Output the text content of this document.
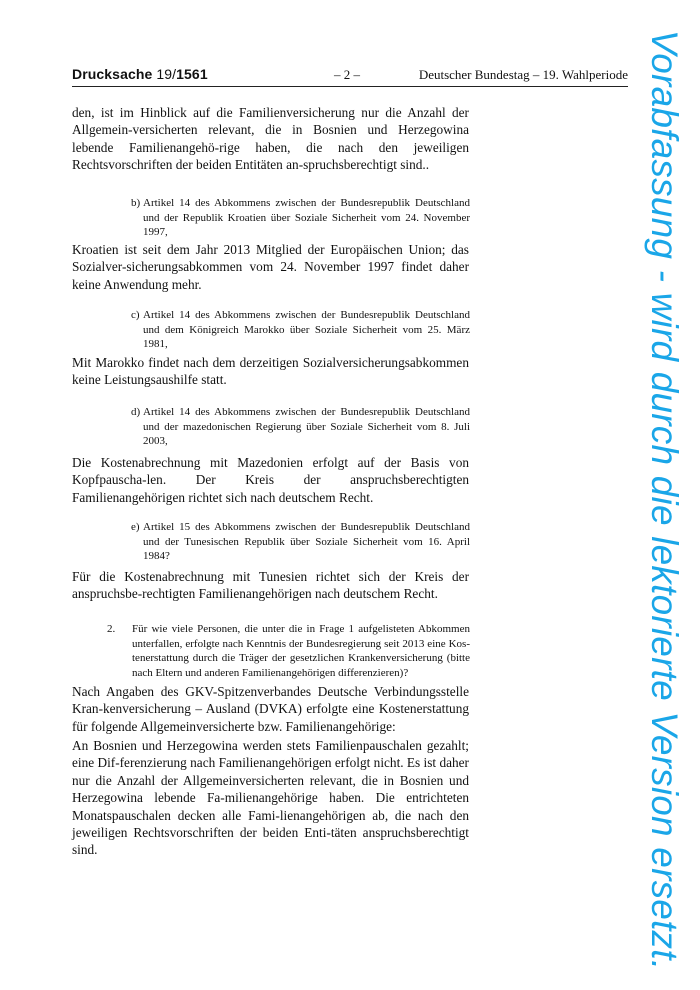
Drucksache 19/1561	– 2 –	Deutscher Bundestag – 19. Wahlperiode
den, ist im Hinblick auf die Familienversicherung nur die Anzahl der Allgemein-versicherten relevant, die in Bosnien und Herzegowina lebende Familienangehö-rige haben, die nach den jeweiligen Rechtsvorschriften der beiden Entitäten an-spruchsberechtigt sind..
b) Artikel 14 des Abkommens zwischen der Bundesrepublik Deutschland und der Republik Kroatien über Soziale Sicherheit vom 24. November 1997,
Kroatien ist seit dem Jahr 2013 Mitglied der Europäischen Union; das Sozialver-sicherungsabkommen vom 24. November 1997 findet daher keine Anwendung mehr.
c) Artikel 14 des Abkommens zwischen der Bundesrepublik Deutschland und dem Königreich Marokko über Soziale Sicherheit vom 25. März 1981,
Mit Marokko findet nach dem derzeitigen Sozialversicherungsabkommen keine Leistungsaushilfe statt.
d) Artikel 14 des Abkommens zwischen der Bundesrepublik Deutschland und der mazedonischen Regierung über Soziale Sicherheit vom 8. Juli 2003,
Die Kostenabrechnung mit Mazedonien erfolgt auf der Basis von Kopfpauscha-len. Der Kreis der anspruchsberechtigten Familienangehörigen richtet sich nach deutschem Recht.
e) Artikel 15 des Abkommens zwischen der Bundesrepublik Deutschland und der Tunesischen Republik über Soziale Sicherheit vom 16. April 1984?
Für die Kostenabrechnung mit Tunesien richtet sich der Kreis der anspruchsbe-rechtigten Familienangehörigen nach deutschem Recht.
2. Für wie viele Personen, die unter die in Frage 1 aufgelisteten Abkommen unterfallen, erfolgte nach Kenntnis der Bundesregierung seit 2013 eine Kos-tenerstattung durch die Träger der gesetzlichen Krankenversicherung (bitte nach Eltern und anderen Familienangehörigen differenzieren)?
Nach Angaben des GKV-Spitzenverbandes Deutsche Verbindungsstelle Kran-kenversicherung – Ausland (DVKA) erfolgte eine Kostenerstattung für folgende Allgemeinversicherte bzw. Familienangehörige:
An Bosnien und Herzegowina werden stets Familienpauschalen gezahlt; eine Dif-ferenzierung nach Familienangehörigen erfolgt nicht. Es ist daher nur die Anzahl der Allgemeinversicherten relevant, die in Bosnien und Herzegowina lebende Fa-milienangehörige haben. Die entrichteten Monatspauschalen decken alle Fami-lienangehörigen ab, die nach den jeweiligen Rechtsvorschriften der beiden Enti-täten anspruchsberechtigt sind.	Vorabfassung - wird durch die lektorierte Version ersetzt.
